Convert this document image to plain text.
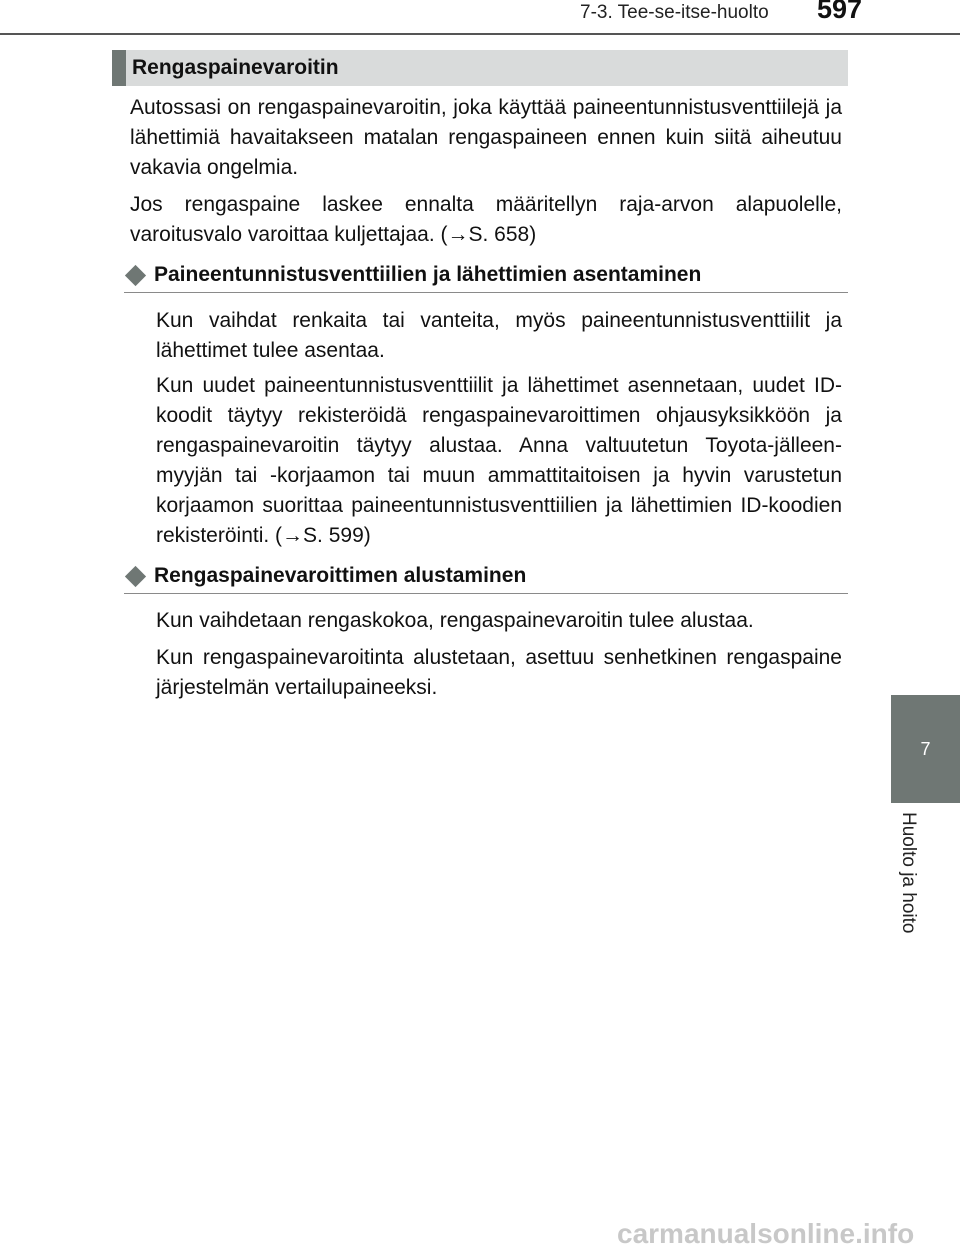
7-3. Tee-se-itse-huolto 597
7
Huolto ja hoito
Rengaspainevaroitin

Autossasi on rengaspainevaroitin, joka käyttää paineentunnistusventtiilejä ja lähettimiä havaitakseen matalan rengaspaineen ennen kuin siitä aiheutuu vakavia ongelmia.

Jos rengaspaine laskee ennalta määritellyn raja-arvon alapuolelle, varoitusvalo varoittaa kuljettajaa. (→S. 658)

Paineentunnistusventtiilien ja lähettimien asentaminen

Kun vaihdat renkaita tai vanteita, myös paineentunnistusventtiilit ja lähettimet tulee asentaa.

Kun uudet paineentunnistusventtiilit ja lähettimet asennetaan, uudet ID-koodit täytyy rekisteröidä rengaspainevaroittimen ohjausyksikköön ja rengaspainevaroitin täytyy alustaa. Anna valtuutetun Toyota-jälleenmyyjän tai -korjaamon tai muun ammattitaitoisen ja hyvin varustetun korjaamon suorittaa paineentunnistusventtiilien ja lähettimien ID-koodien rekisteröinti. (→S. 599)

Rengaspainevaroittimen alustaminen

Kun vaihdetaan rengaskokoa, rengaspainevaroitin tulee alustaa.

Kun rengaspainevaroitinta alustetaan, asettuu senhetkinen rengaspaine järjestelmän vertailupaineeksi.

carmanualsonline.info
